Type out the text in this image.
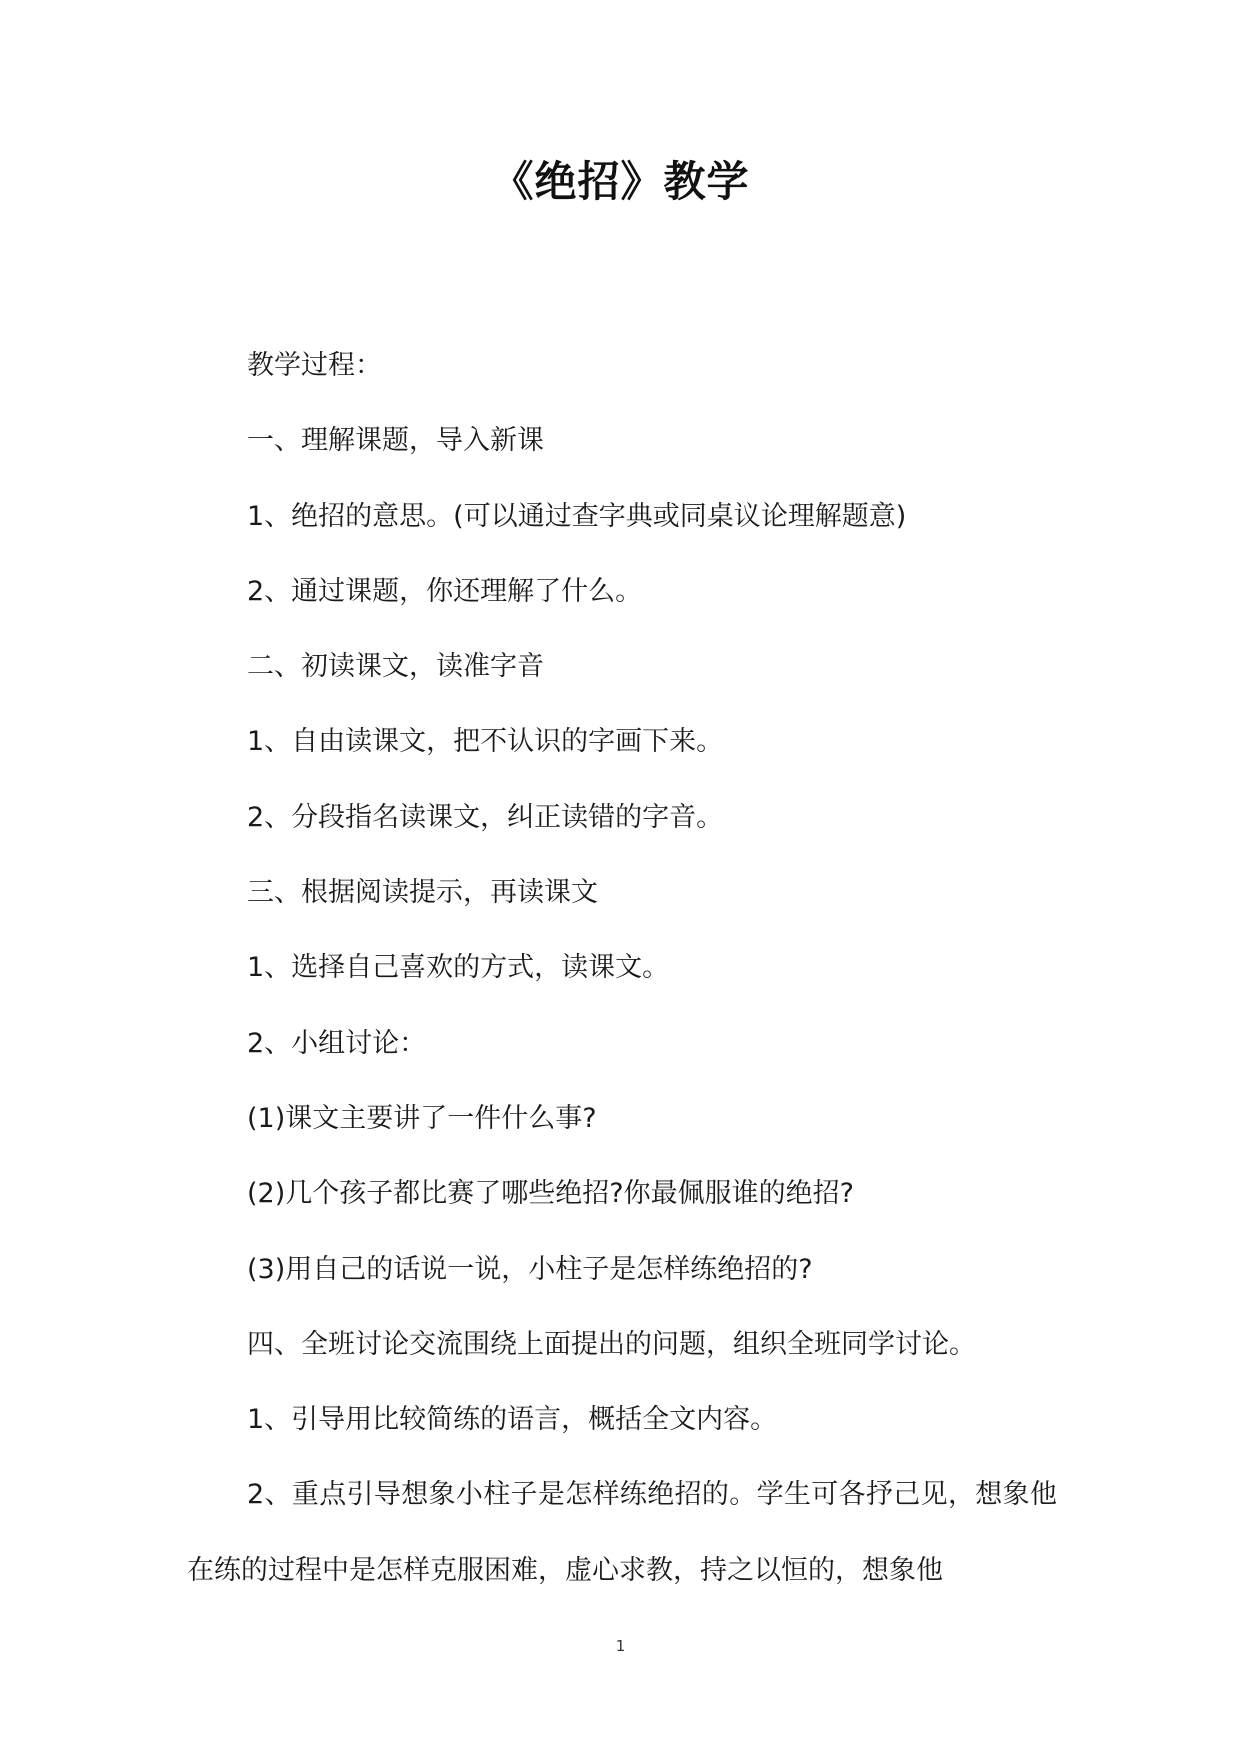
《绝招》教学

教学过程：

一、理解课题，导入新课

1、绝招的意思。(可以通过查字典或同桌议论理解题意)

2、通过课题，你还理解了什么。

二、初读课文，读准字音

1、自由读课文，把不认识的字画下来。

2、分段指名读课文，纠正读错的字音。

三、根据阅读提示，再读课文

1、选择自己喜欢的方式，读课文。

2、小组讨论：

(1)课文主要讲了一件什么事?

(2)几个孩子都比赛了哪些绝招?你最佩服谁的绝招?

(3)用自己的话说一说，小柱子是怎样练绝招的?

四、全班讨论交流围绕上面提出的问题，组织全班同学讨论。

1、引导用比较简练的语言，概括全文内容。

2、重点引导想象小柱子是怎样练绝招的。学生可各抒己见，想象他在练的过程中是怎样克服困难，虚心求教，持之以恒的，想象他

1
